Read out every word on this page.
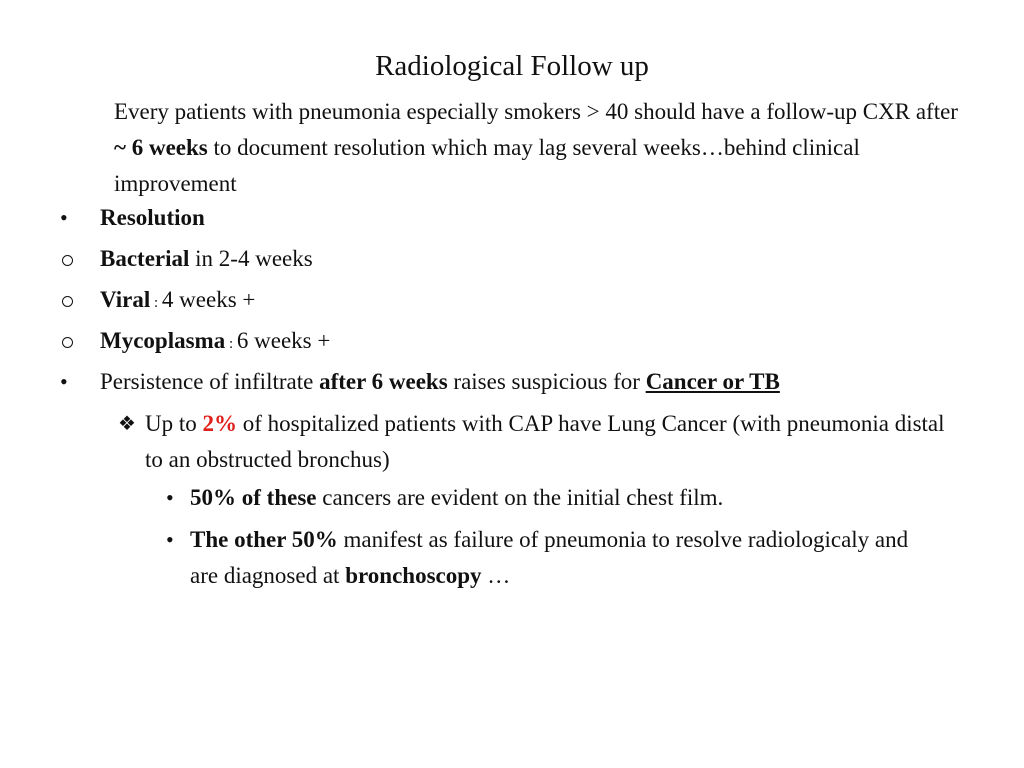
Radiological Follow up
Every patients with pneumonia especially smokers > 40 should have a follow-up CXR after ~ 6 weeks to document resolution which may lag several weeks…behind clinical improvement
• Resolution
Bacterial in 2-4 weeks
Viral : 4 weeks +
Mycoplasma : 6 weeks +
• Persistence of infiltrate after 6 weeks raises suspicious for Cancer or TB
❖ Up to 2% of hospitalized patients with CAP have Lung Cancer (with pneumonia distal to an obstructed bronchus)
• 50% of these cancers are evident on the initial chest film.
• The other 50% manifest as failure of pneumonia to resolve radiologicaly and are diagnosed at bronchoscopy …
